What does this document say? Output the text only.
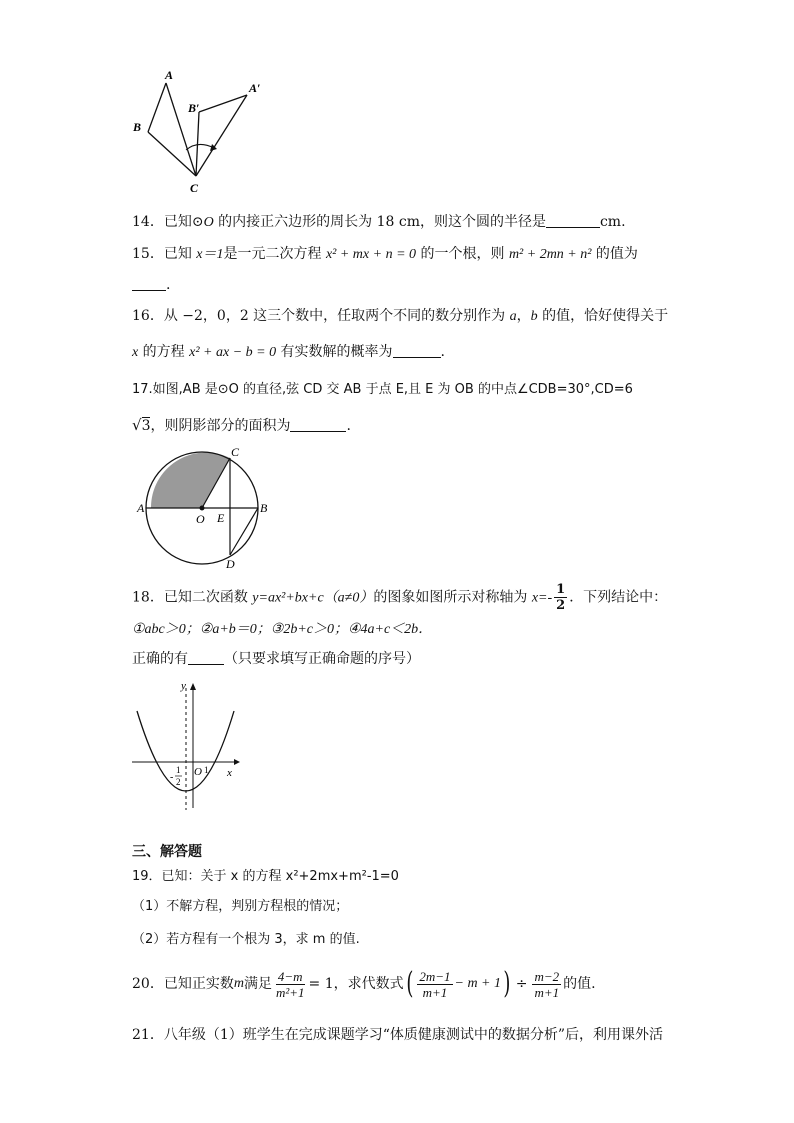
A
B
B′
A′
C
14．已知⊙O 的内接正六边形的周长为 18 cm，则这个圆的半径是	cm.
15．已知 x＝1是一元二次方程 x² + mx + n = 0 的一个根，则 m² + 2mn + n² 的值为
.
16．从 −2，0，2 这三个数中，任取两个不同的数分别作为 a，b 的值，恰好使得关于
x 的方程 x² + ax − b = 0 有实数解的概率为	.
17.如图,AB 是⊙O 的直径,弦 CD 交 AB 于点 E,且 E 为 OB 的中点∠CDB=30°,CD=6
√3，则阴影部分的面积为	.
C
A	B
O E
D
18．已知二次函数 y=ax²+bx+c（a≠0）的图象如图所示对称轴为 $x=- \frac{1}{2}$ ．下列结论中：
①abc＞0；②a+b＝0；③2b+c＞0；④4a+c＜2b．
正确的有	（只要求填写正确命题的序号）
y
x
O 1
-
1
2
三、解答题
19．已知：关于 x 的方程 x²+2mx+m²-1=0
（1）不解方程，判别方程根的情况；
（2）若方程有一个根为 3，求 m 的值.
20． 已知正实数 m 满足 $\frac{4-m}{\text{m²+1}} = 1$ ，求代数式 ( $\frac{2m-1}{m+1} - m + 1$ ) ÷ $\frac{m-2}{m+1}$ 的值.
21．八年级（1）班学生在完成课题学习“体质健康测试中的数据分析”后，利用课外活
